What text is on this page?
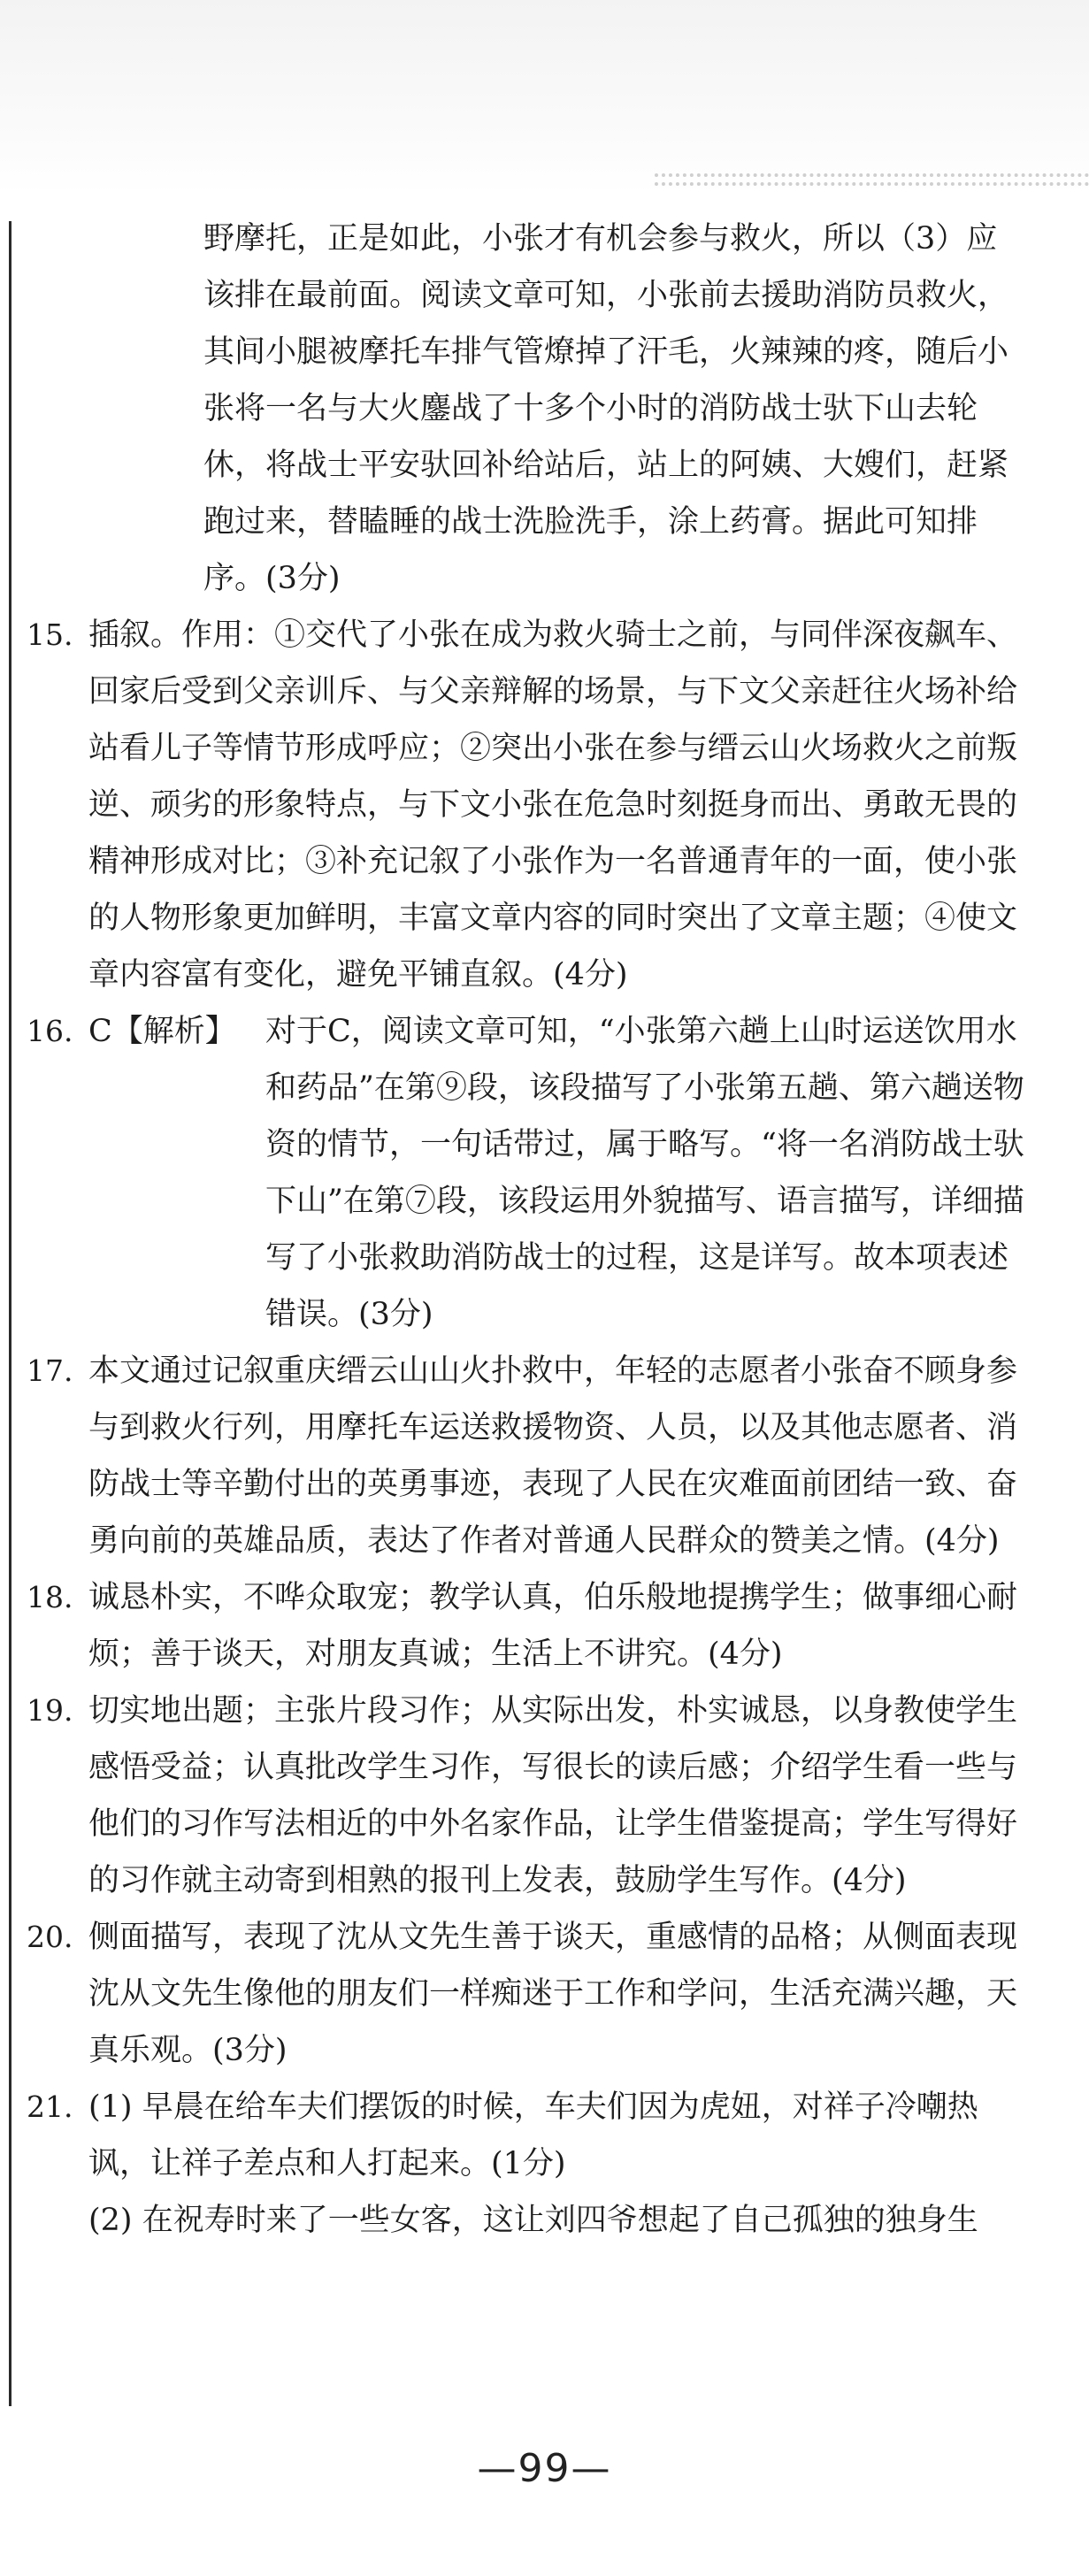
野摩托，正是如此，小张才有机会参与救火，所以（3）应该排在最前面。阅读文章可知，小张前去援助消防员救火，其间小腿被摩托车排气管燎掉了汗毛，火辣辣的疼，随后小张将一名与大火鏖战了十多个小时的消防战士驮下山去轮休，将战士平安驮回补给站后，站上的阿姨、大嫂们，赶紧跑过来，替瞌睡的战士洗脸洗手，涂上药膏。据此可知排序。(3分)

15. 插叙。作用：①交代了小张在成为救火骑士之前，与同伴深夜飙车、回家后受到父亲训斥、与父亲辩解的场景，与下文父亲赶往火场补给站看儿子等情节形成呼应；②突出小张在参与缙云山火场救火之前叛逆、顽劣的形象特点，与下文小张在危急时刻挺身而出、勇敢无畏的精神形成对比；③补充记叙了小张作为一名普通青年的一面，使小张的人物形象更加鲜明，丰富文章内容的同时突出了文章主题；④使文章内容富有变化，避免平铺直叙。(4分)

16. C【解析】 对于C，阅读文章可知，“小张第六趟上山时运送饮用水和药品”在第⑨段，该段描写了小张第五趟、第六趟送物资的情节，一句话带过，属于略写。“将一名消防战士驮下山”在第⑦段，该段运用外貌描写、语言描写，详细描写了小张救助消防战士的过程，这是详写。故本项表述错误。(3分)
17. 本文通过记叙重庆缙云山山火扑救中，年轻的志愿者小张奋不顾身参与到救火行列，用摩托车运送救援物资、人员，以及其他志愿者、消防战士等辛勤付出的英勇事迹，表现了人民在灾难面前团结一致、奋勇向前的英雄品质，表达了作者对普通人民群众的赞美之情。(4分)

18. 诚恳朴实，不哗众取宠；教学认真，伯乐般地提携学生；做事细心耐烦；善于谈天，对朋友真诚；生活上不讲究。(4分)

19. 切实地出题；主张片段习作；从实际出发，朴实诚恳，以身教使学生感悟受益；认真批改学生习作，写很长的读后感；介绍学生看一些与他们的习作写法相近的中外名家作品，让学生借鉴提高；学生写得好的习作就主动寄到相熟的报刊上发表，鼓励学生写作。(4分)

20. 侧面描写，表现了沈从文先生善于谈天，重感情的品格；从侧面表现沈从文先生像他的朋友们一样痴迷于工作和学问，生活充满兴趣，天真乐观。(3分)

21. (1) 早晨在给车夫们摆饭的时候，车夫们因为虎妞，对祥子冷嘲热讽，让祥子差点和人打起来。(1分)

(2) 在祝寿时来了一些女客，这让刘四爷想起了自己孤独的独身生

—99—
